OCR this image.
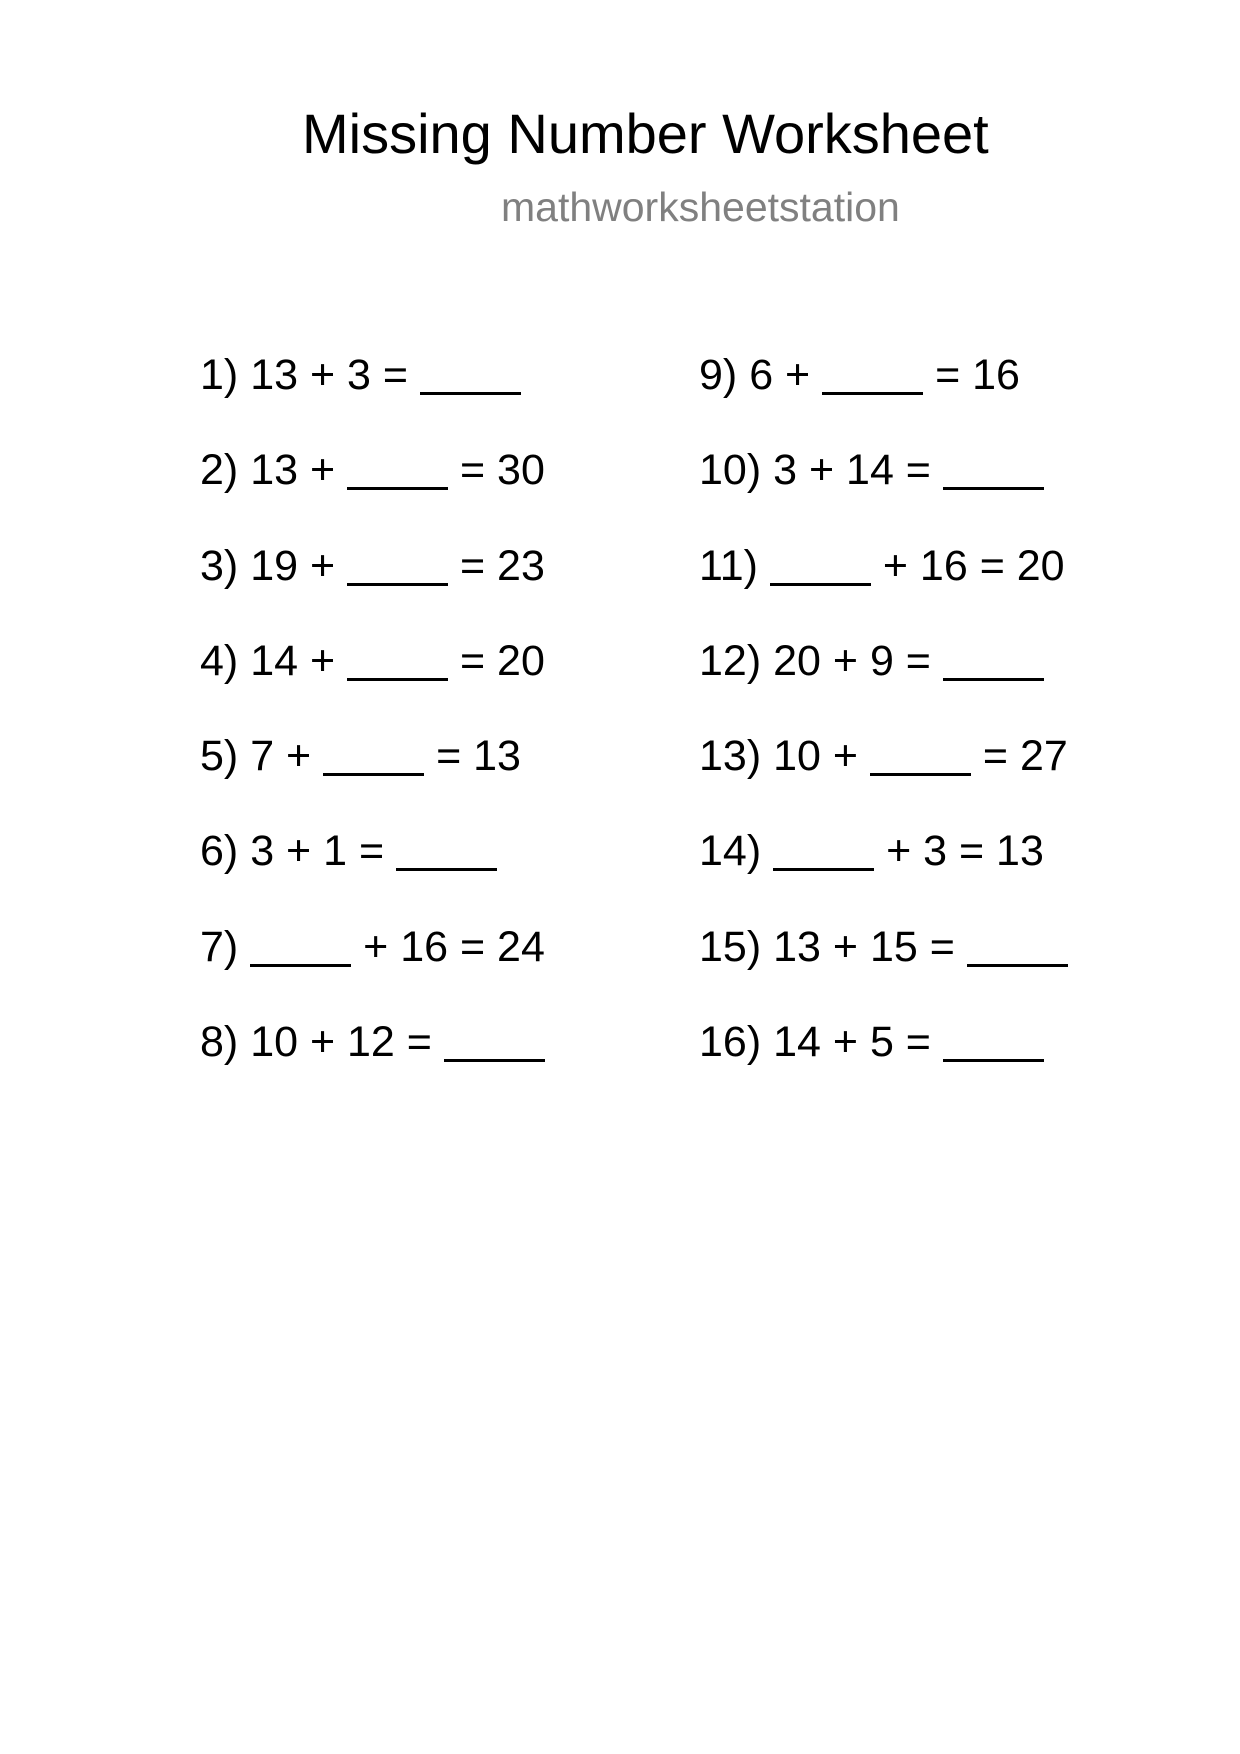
Missing Number Worksheet
mathworksheetstation
1) 13 + 3 =
2) 13 +	= 30
3) 19 +	= 23
4) 14 +	= 20
5) 7 +	= 13
6) 3 + 1 =
7)	+ 16 = 24
8) 10 + 12 =
9) 6 +	= 16
10) 3 + 14 =
11)	+ 16 = 20
12) 20 + 9 =
13) 10 +	= 27
14)	+ 3 = 13
15) 13 + 15 =
16) 14 + 5 =
